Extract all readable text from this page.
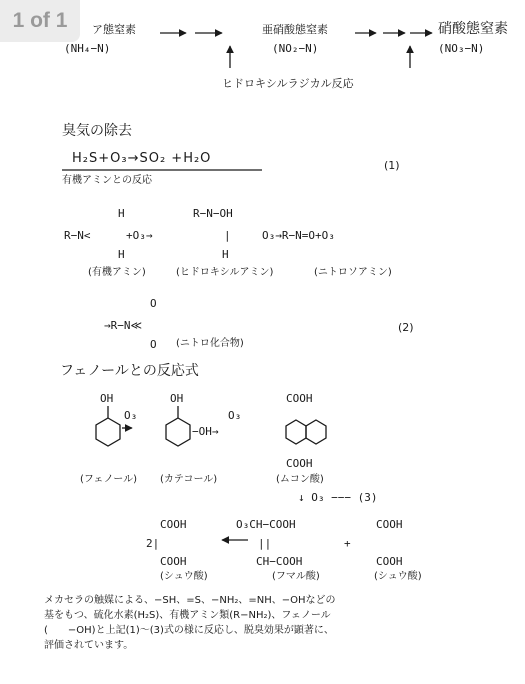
1 of 1	ア態窒素
(NH₄−N)
亜硝酸態窒素
(NO₂−N)
硝酸態窒素
(NO₃−N)
ヒドロキシルラジカル反応
臭気の除去
H₂S+O₃→SO₂ +H₂O	(1)
有機アミンとの反応
H
R−N<	+O₃→
H
R−N−OH
|
H
O₃→R−N=O+O₃
(有機アミン)	(ヒドロキシルアミン)	(ニトロソアミン)
O
→R−N≪
O (ニトロ化合物)
(2)
フェノールとの反応式
OH
O₃
OH
−OH→
O₃
COOH
COOH
(フェノール) (カテコール)	(ムコン酸)
↓ O₃ −−− (3)
COOH
2|
COOH
(シュウ酸)
O₃CH−COOH
||
CH−COOH
(フマル酸)
+
COOH
COOH
(シュウ酸)
メカセラの触媒による、−SH、=S、−NH₂、=NH、−OHなどの
基をもつ、硫化水素(H₂S)、有機アミン類(R−NH₂)、フェノール
(　　−OH)と上記(1)〜(3)式の様に反応し、脱臭効果が顕著に、
評価されています。
